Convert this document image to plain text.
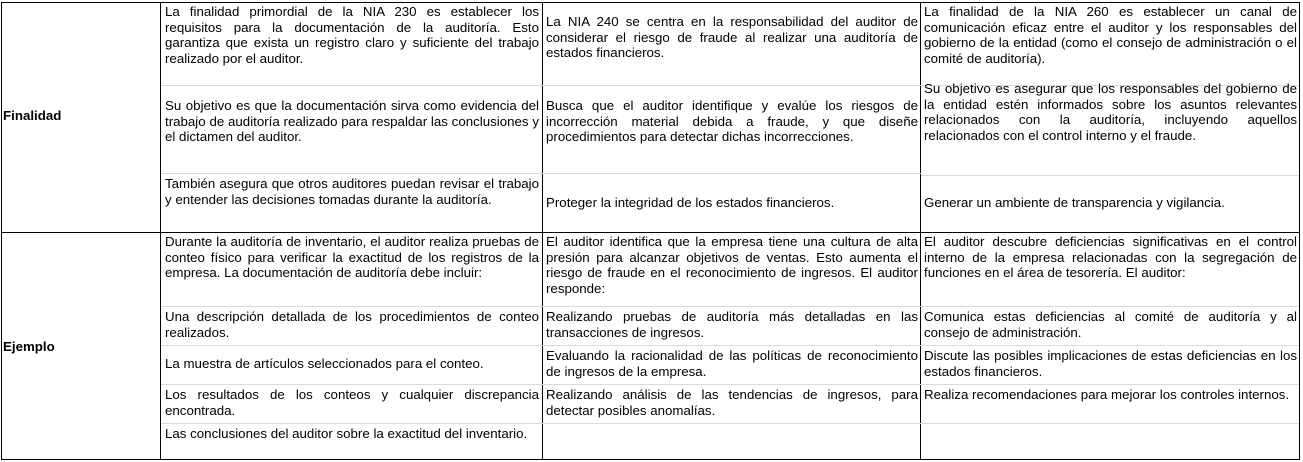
Finalidad
Ejemplo
La finalidad primordial de la NIA 230 es establecer los requisitos para la documentación de la auditoría. Esto garantiza que exista un registro claro y suficiente del trabajo realizado por el auditor.
Su objetivo es que la documentación sirva como evidencia del trabajo de auditoría realizado para respaldar las conclusiones y el dictamen del auditor.
También asegura que otros auditores puedan revisar el trabajo y entender las decisiones tomadas durante la auditoría.
La NIA 240 se centra en la responsabilidad del auditor de considerar el riesgo de fraude al realizar una auditoría de estados financieros.
Busca que el auditor identifique y evalúe los riesgos de incorrección material debida a fraude, y que diseñe procedimientos para detectar dichas incorrecciones.
Proteger la integridad de los estados financieros.
La finalidad de la NIA 260 es establecer un canal de comunicación eficaz entre el auditor y los responsables del gobierno de la entidad (como el consejo de administración o el comité de auditoría).
Su objetivo es asegurar que los responsables del gobierno de la entidad estén informados sobre los asuntos relevantes relacionados con la auditoría, incluyendo aquellos relacionados con el control interno y el fraude.
Generar un ambiente de transparencia y vigilancia.
Durante la auditoría de inventario, el auditor realiza pruebas de conteo físico para verificar la exactitud de los registros de la empresa. La documentación de auditoría debe incluir:
Una descripción detallada de los procedimientos de conteo realizados.
La muestra de artículos seleccionados para el conteo.
Los resultados de los conteos y cualquier discrepancia encontrada.
Las conclusiones del auditor sobre la exactitud del inventario.
El auditor identifica que la empresa tiene una cultura de alta presión para alcanzar objetivos de ventas. Esto aumenta el riesgo de fraude en el reconocimiento de ingresos. El auditor responde:
Realizando pruebas de auditoría más detalladas en las transacciones de ingresos.
Evaluando la racionalidad de las políticas de reconocimiento de ingresos de la empresa.
Realizando análisis de las tendencias de ingresos, para detectar posibles anomalías.
El auditor descubre deficiencias significativas en el control interno de la empresa relacionadas con la segregación de funciones en el área de tesorería. El auditor:
Comunica estas deficiencias al comité de auditoría y al consejo de administración.
Discute las posibles implicaciones de estas deficiencias en los estados financieros.
Realiza recomendaciones para mejorar los controles internos.
